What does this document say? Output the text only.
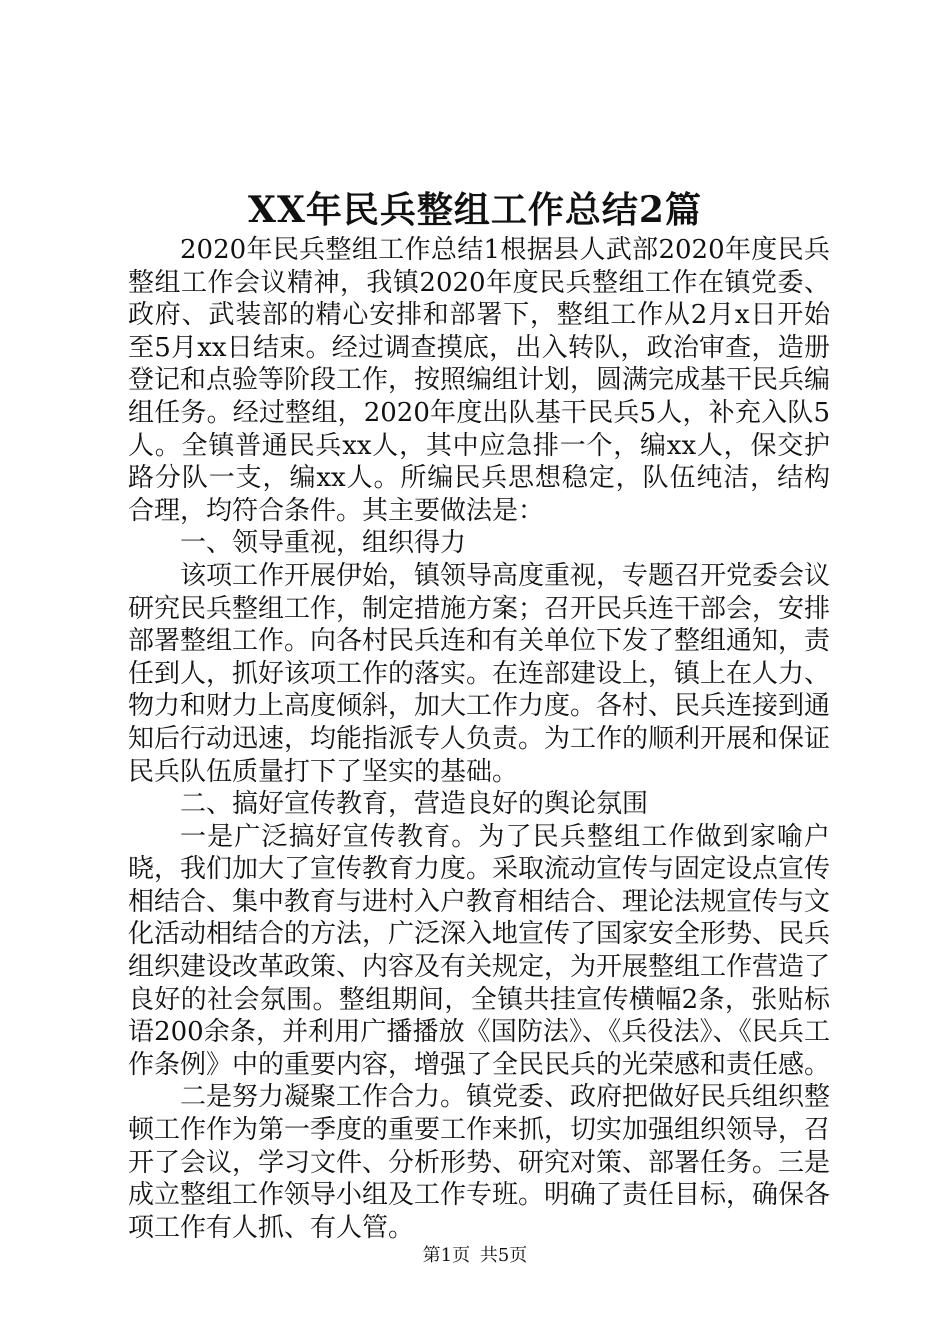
XX年民兵整组工作总结2篇

2020年民兵整组工作总结1根据县人武部2020年度民兵整组工作会议精神，我镇2020年度民兵整组工作在镇党委、政府、武装部的精心安排和部署下，整组工作从2月x日开始至5月xx日结束。经过调查摸底，出入转队，政治审查，造册登记和点验等阶段工作，按照编组计划，圆满完成基干民兵编组任务。经过整组，2020年度出队基干民兵5人，补充入队5人。全镇普通民兵xx人，其中应急排一个，编xx人，保交护路分队一支，编xx人。所编民兵思想稳定，队伍纯洁，结构合理，均符合条件。其主要做法是：

一、领导重视，组织得力

该项工作开展伊始，镇领导高度重视，专题召开党委会议研究民兵整组工作，制定措施方案；召开民兵连干部会，安排部署整组工作。向各村民兵连和有关单位下发了整组通知，责任到人，抓好该项工作的落实。在连部建设上，镇上在人力、物力和财力上高度倾斜，加大工作力度。各村、民兵连接到通知后行动迅速，均能指派专人负责。为工作的顺利开展和保证民兵队伍质量打下了坚实的基础。

二、搞好宣传教育，营造良好的舆论氛围

一是广泛搞好宣传教育。为了民兵整组工作做到家喻户晓，我们加大了宣传教育力度。采取流动宣传与固定设点宣传相结合、集中教育与进村入户教育相结合、理论法规宣传与文化活动相结合的方法，广泛深入地宣传了国家安全形势、民兵组织建设改革政策、内容及有关规定，为开展整组工作营造了良好的社会氛围。整组期间，全镇共挂宣传横幅2条，张贴标语200余条，并利用广播播放《国防法》、《兵役法》、《民兵工作条例》中的重要内容，增强了全民民兵的光荣感和责任感。

二是努力凝聚工作合力。镇党委、政府把做好民兵组织整顿工作作为第一季度的重要工作来抓，切实加强组织领导，召开了会议，学习文件、分析形势、研究对策、部署任务。三是成立整组工作领导小组及工作专班。明确了责任目标，确保各项工作有人抓、有人管。

第1页 共5页
